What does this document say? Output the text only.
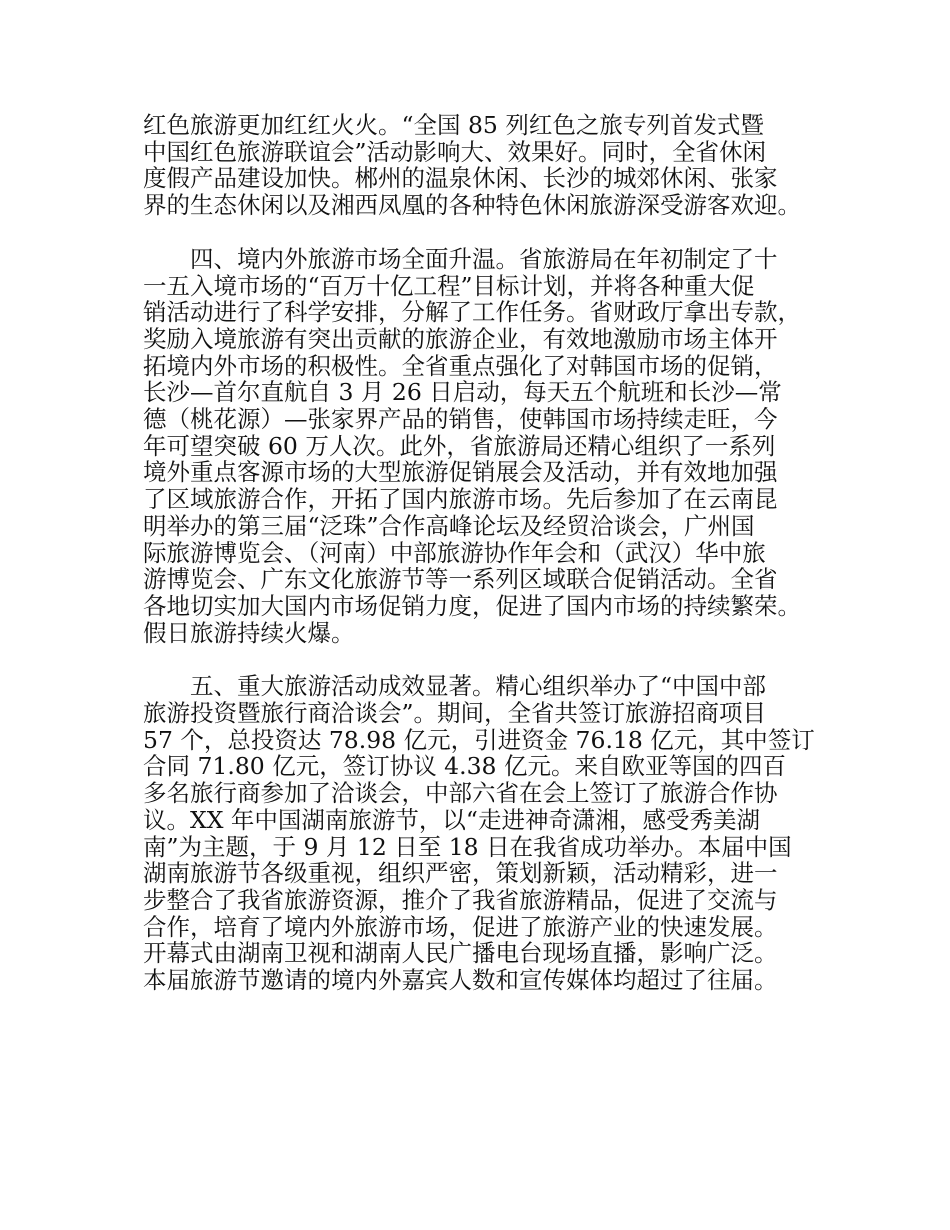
红色旅游更加红红火火。“全国 85 列红色之旅专列首发式暨
中国红色旅游联谊会”活动影响大、效果好。同时，全省休闲
度假产品建设加快。郴州的温泉休闲、长沙的城郊休闲、张家
界的生态休闲以及湘西凤凰的各种特色休闲旅游深受游客欢迎。

四、境内外旅游市场全面升温。省旅游局在年初制定了十
一五入境市场的“百万十亿工程”目标计划，并将各种重大促
销活动进行了科学安排，分解了工作任务。省财政厅拿出专款，
奖励入境旅游有突出贡献的旅游企业，有效地激励市场主体开
拓境内外市场的积极性。全省重点强化了对韩国市场的促销，
长沙—首尔直航自 3 月 26 日启动，每天五个航班和长沙—常
德（桃花源）—张家界产品的销售，使韩国市场持续走旺，今
年可望突破 60 万人次。此外，省旅游局还精心组织了一系列
境外重点客源市场的大型旅游促销展会及活动，并有效地加强
了区域旅游合作，开拓了国内旅游市场。先后参加了在云南昆
明举办的第三届“泛珠”合作高峰论坛及经贸洽谈会，广州国
际旅游博览会、（河南）中部旅游协作年会和（武汉）华中旅
游博览会、广东文化旅游节等一系列区域联合促销活动。全省
各地切实加大国内市场促销力度，促进了国内市场的持续繁荣。
假日旅游持续火爆。

五、重大旅游活动成效显著。精心组织举办了“中国中部
旅游投资暨旅行商洽谈会”。期间，全省共签订旅游招商项目
57 个，总投资达 78.98 亿元，引进资金 76.18 亿元，其中签订
合同 71.80 亿元，签订协议 4.38 亿元。来自欧亚等国的四百
多名旅行商参加了洽谈会，中部六省在会上签订了旅游合作协
议。XX 年中国湖南旅游节，以“走进神奇潇湘，感受秀美湖
南”为主题，于 9 月 12 日至 18 日在我省成功举办。本届中国
湖南旅游节各级重视，组织严密，策划新颖，活动精彩，进一
步整合了我省旅游资源，推介了我省旅游精品，促进了交流与
合作，培育了境内外旅游市场，促进了旅游产业的快速发展。
开幕式由湖南卫视和湖南人民广播电台现场直播，影响广泛。
本届旅游节邀请的境内外嘉宾人数和宣传媒体均超过了往届。
